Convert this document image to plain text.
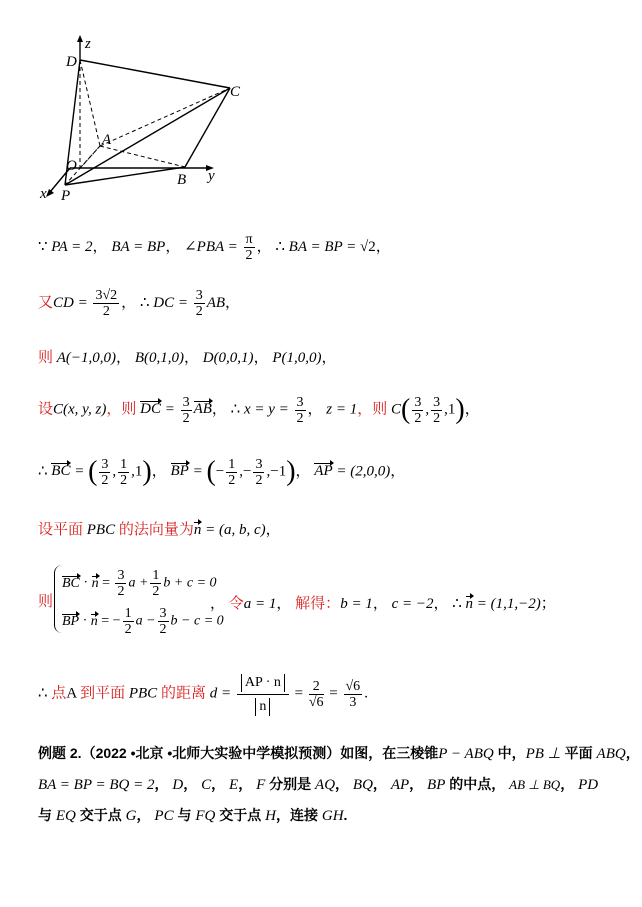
z
D
C
A
O
B y
x P
∵ PA = 2， BA = BP， ∠PBA = $\frac{\pi}{2}$ ， ∴ BA = BP = √2，
又CD = $\frac{3√2}{2}$ ， ∴ DC = $\frac{3}{2}$ AB，
则 A(−1,0,0)， B(0,1,0)， D(0,0,1)， P(1,0,0)，
设C(x, y, z)，则 DC = $\frac{3}{2}$ AB， ∴ $x = y = \frac{3}{2}$ ， z = 1，则 $C( \frac{3}{2}$ , $\frac{3}{2} ,1$)，
∴ BC = ( $\frac{3}{2}$ , $\frac{1}{2} ,1$)， BP = (− $\frac{1}{2}$ ,− $\frac{3}{2} ,-1$)， AP = (2,0,0)，
设平面 PBC 的法向量为n = (a, b, c)，
则
BC · $n = \frac{3}{2}$ $a + \frac{1}{2}$ b + c = 0
BP · n = − $\frac{1}{2}$ $a - \frac{3}{2}$ b − c = 0
， 令a = 1， 解得：b = 1， c = −2， ∴ n = (1,1,−2)；
∴ 点A 到平面 PBC 的距离 $d = \frac{AP \cdot n}{n} = \frac{2}{√6} = \frac{√6}{3}$ .
例题 2.（2022 •北京 •北师大实验中学模拟预测）如图，在三棱锥P − ABQ 中，PB ⊥ 平面 ABQ，
BA = BP = BQ = 2， D， C， E， F 分别是 AQ， BQ， AP， BP 的中点， AB ⊥ BQ， PD
与 EQ 交于点 G， PC 与 FQ 交于点 H，连接 GH.
